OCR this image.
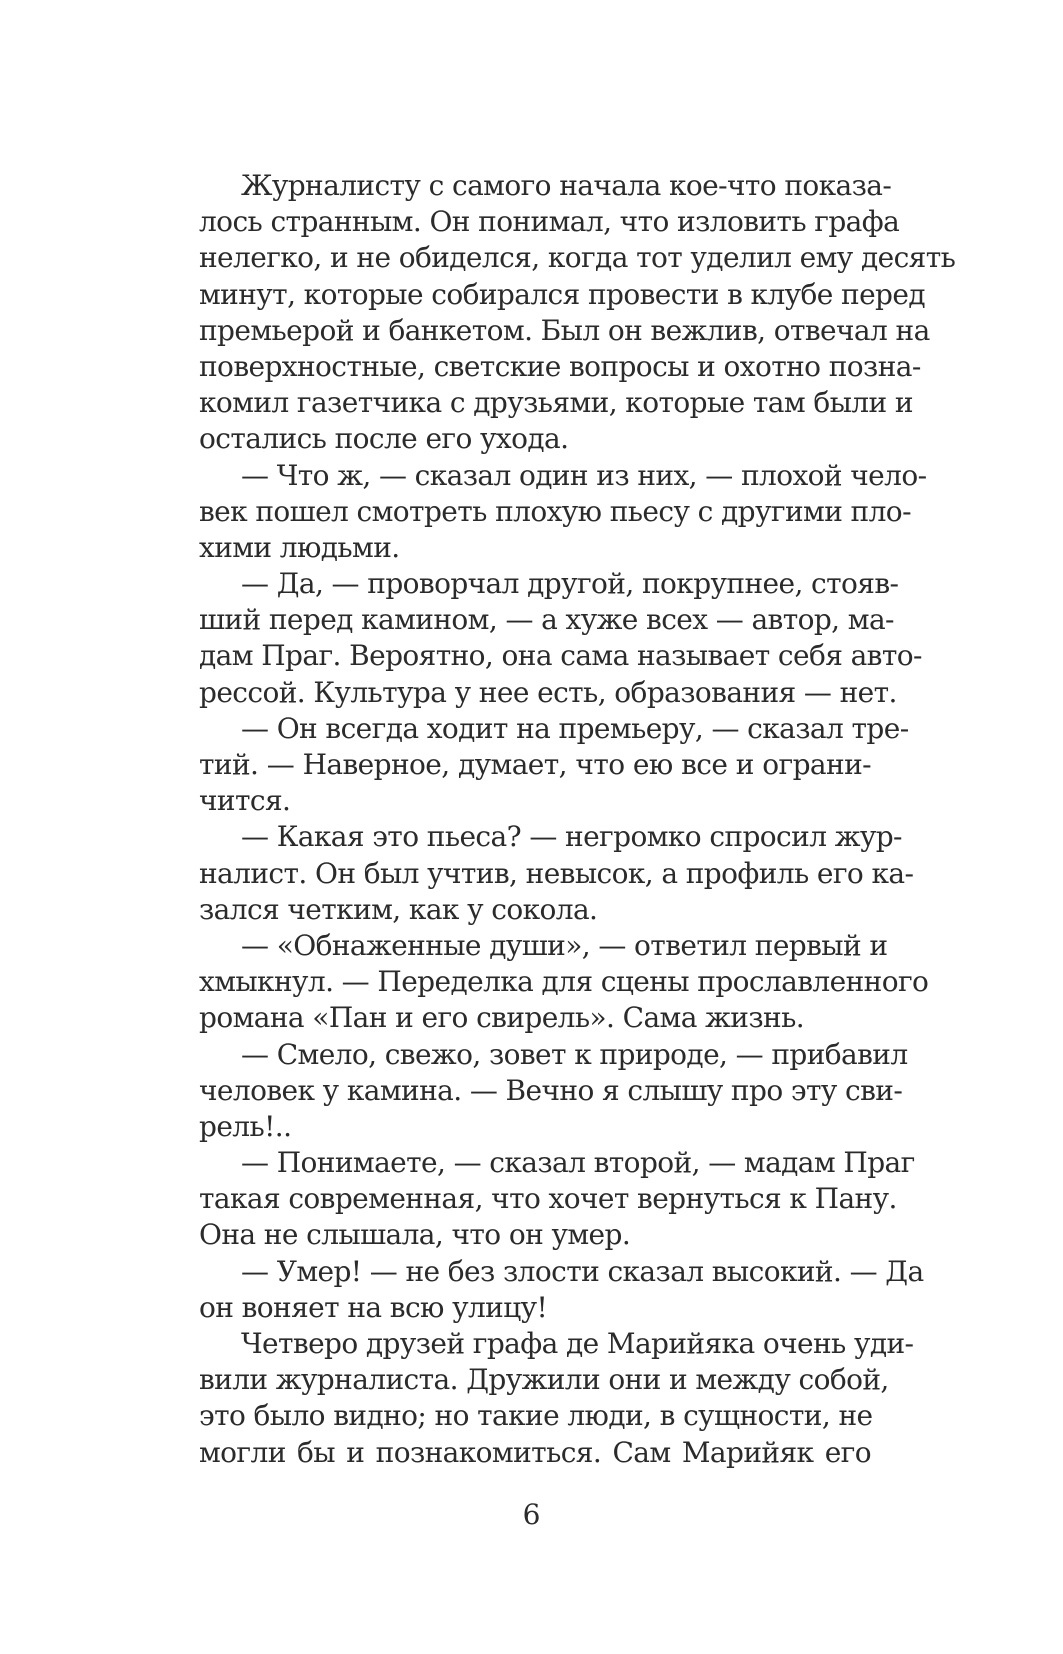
Журналисту с самого начала кое-что показа-
лось странным. Он понимал, что изловить графа
нелегко, и не обиделся, когда тот уделил ему десять
минут, которые собирался провести в клубе перед
премьерой и банкетом. Был он вежлив, отвечал на
поверхностные, светские вопросы и охотно позна-
комил газетчика с друзьями, которые там были и
остались после его ухода.
— Что ж, — сказал один из них, — плохой чело-
век пошел смотреть плохую пьесу с другими пло-
хими людьми.
— Да, — проворчал другой, покрупнее, стояв-
ший перед камином, — а хуже всех — автор, ма-
дам Праг. Вероятно, она сама называет себя авто-
рессой. Культура у нее есть, образования — нет.
— Он всегда ходит на премьеру, — сказал тре-
тий. — Наверное, думает, что ею все и ограни-
чится.
— Какая это пьеса? — негромко спросил жур-
налист. Он был учтив, невысок, а профиль его ка-
зался четким, как у сокола.
— «Обнаженные души», — ответил первый и
хмыкнул. — Переделка для сцены прославленного
романа «Пан и его свирель». Сама жизнь.
— Смело, свежо, зовет к природе, — прибавил
человек у камина. — Вечно я слышу про эту сви-
рель!..
— Понимаете, — сказал второй, — мадам Праг
такая современная, что хочет вернуться к Пану.
Она не слышала, что он умер.
— Умер! — не без злости сказал высокий. — Да
он воняет на всю улицу!
Четверо друзей графа де Марийяка очень уди-
вили журналиста. Дружили они и между собой,
это было видно; но такие люди, в сущности, не
могли бы и познакомиться. Сам Марийяк его
6
